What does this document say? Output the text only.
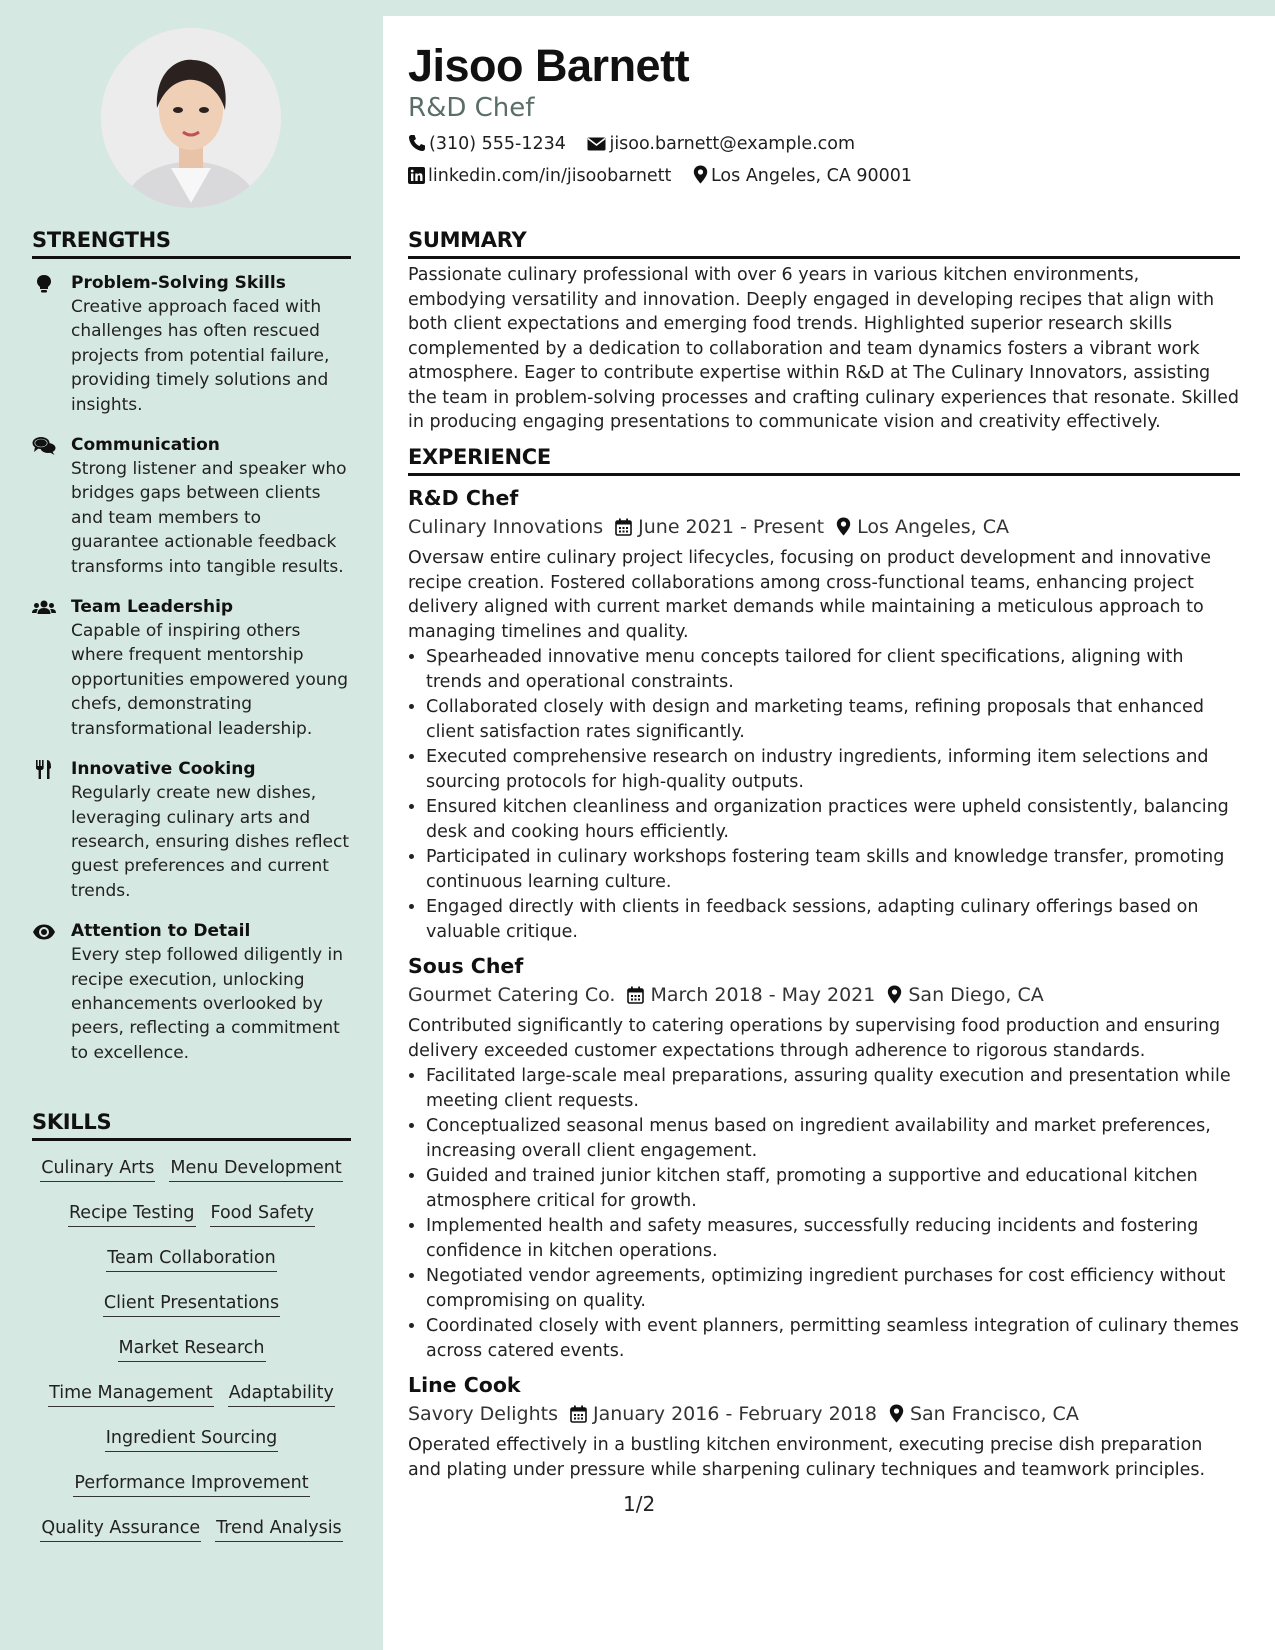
STRENGTHS
Problem-Solving Skills
Creative approach faced with challenges has often rescued projects from potential failure, providing timely solutions and insights.
Communication
Strong listener and speaker who bridges gaps between clients and team members to guarantee actionable feedback transforms into tangible results.
Team Leadership
Capable of inspiring others where frequent mentorship opportunities empowered young chefs, demonstrating transformational leadership.
Innovative Cooking
Regularly create new dishes, leveraging culinary arts and research, ensuring dishes reflect guest preferences and current trends.
Attention to Detail
Every step followed diligently in recipe execution, unlocking enhancements overlooked by peers, reflecting a commitment to excellence.
SKILLS
Culinary Arts Menu Development
Recipe Testing Food Safety
Team Collaboration
Client Presentations
Market Research
Time Management Adaptability
Ingredient Sourcing
Performance Improvement
Quality Assurance Trend Analysis
Jisoo Barnett
R&D Chef
(310) 555-1234 jisoo.barnett@example.com
linkedin.com/in/jisoobarnett Los Angeles, CA 90001
SUMMARY
Passionate culinary professional with over 6 years in various kitchen environments, embodying versatility and innovation. Deeply engaged in developing recipes that align with both client expectations and emerging food trends. Highlighted superior research skills complemented by a dedication to collaboration and team dynamics fosters a vibrant work atmosphere. Eager to contribute expertise within R&D at The Culinary Innovators, assisting the team in problem-solving processes and crafting culinary experiences that resonate. Skilled in producing engaging presentations to communicate vision and creativity effectively.
EXPERIENCE
R&D Chef
Culinary Innovations June 2021 - Present Los Angeles, CA
Oversaw entire culinary project lifecycles, focusing on product development and innovative recipe creation. Fostered collaborations among cross-functional teams, enhancing project delivery aligned with current market demands while maintaining a meticulous approach to managing timelines and quality.
• Spearheaded innovative menu concepts tailored for client specifications, aligning with trends and operational constraints.
• Collaborated closely with design and marketing teams, refining proposals that enhanced client satisfaction rates significantly.
• Executed comprehensive research on industry ingredients, informing item selections and sourcing protocols for high-quality outputs.
• Ensured kitchen cleanliness and organization practices were upheld consistently, balancing desk and cooking hours efficiently.
• Participated in culinary workshops fostering team skills and knowledge transfer, promoting continuous learning culture.
• Engaged directly with clients in feedback sessions, adapting culinary offerings based on valuable critique.
Sous Chef
Gourmet Catering Co. March 2018 - May 2021 San Diego, CA
Contributed significantly to catering operations by supervising food production and ensuring delivery exceeded customer expectations through adherence to rigorous standards.
• Facilitated large-scale meal preparations, assuring quality execution and presentation while meeting client requests.
• Conceptualized seasonal menus based on ingredient availability and market preferences, increasing overall client engagement.
• Guided and trained junior kitchen staff, promoting a supportive and educational kitchen atmosphere critical for growth.
• Implemented health and safety measures, successfully reducing incidents and fostering confidence in kitchen operations.
• Negotiated vendor agreements, optimizing ingredient purchases for cost efficiency without compromising on quality.
• Coordinated closely with event planners, permitting seamless integration of culinary themes across catered events.
Line Cook
Savory Delights January 2016 - February 2018 San Francisco, CA
Operated effectively in a bustling kitchen environment, executing precise dish preparation and plating under pressure while sharpening culinary techniques and teamwork principles.
1/2
